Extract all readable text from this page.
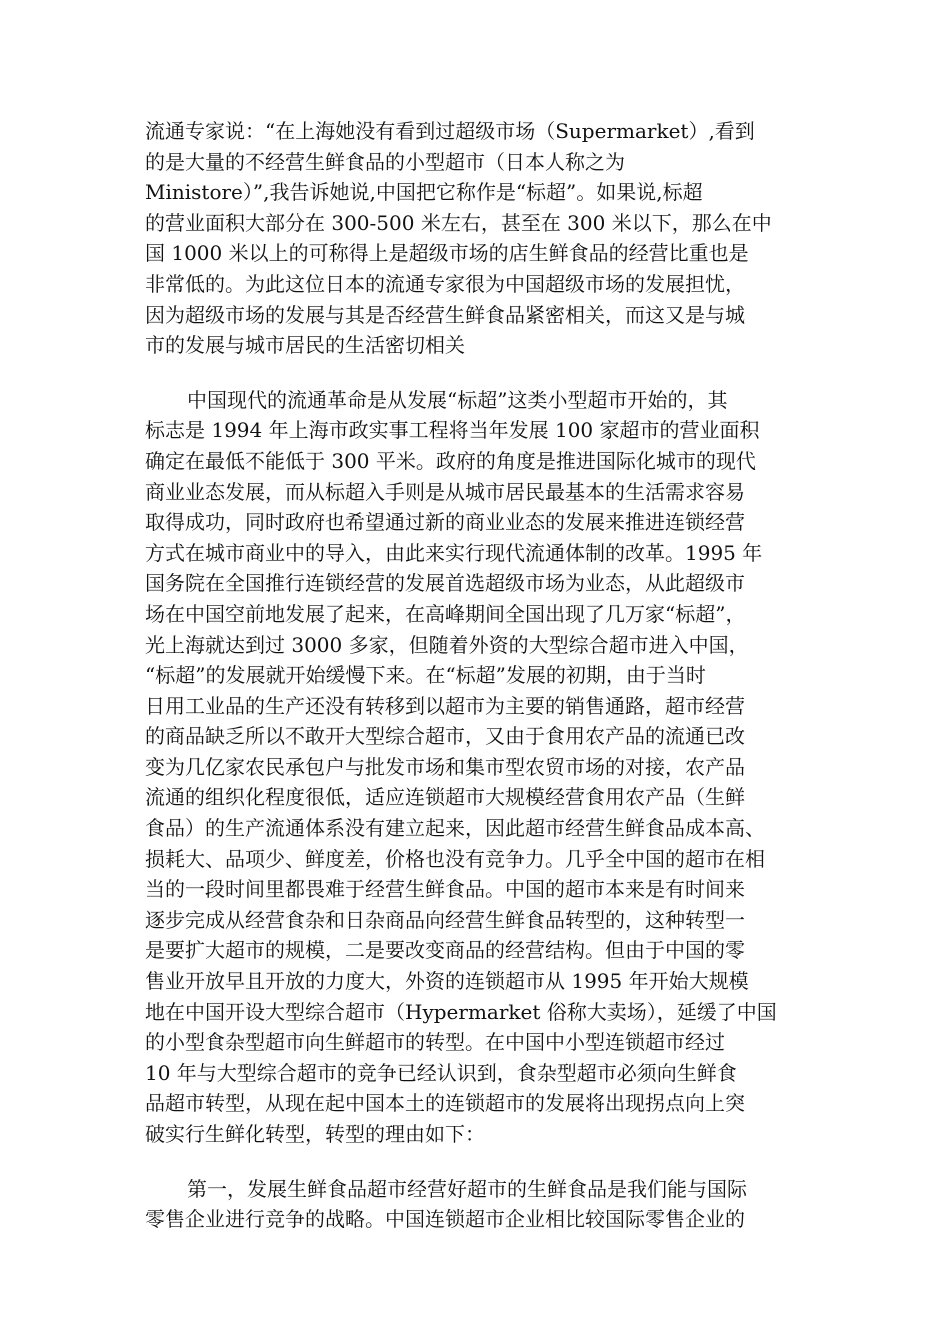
流通专家说：“在上海她没有看到过超级市场（Supermarket）,看到
的是大量的不经营生鲜食品的小型超市（日本人称之为
Ministore）”,我告诉她说,中国把它称作是“标超”。如果说,标超
的营业面积大部分在 300-500 米左右，甚至在 300 米以下，那么在中
国 1000 米以上的可称得上是超级市场的店生鲜食品的经营比重也是
非常低的。为此这位日本的流通专家很为中国超级市场的发展担忧，
因为超级市场的发展与其是否经营生鲜食品紧密相关，而这又是与城
市的发展与城市居民的生活密切相关
中国现代的流通革命是从发展“标超”这类小型超市开始的，其
标志是 1994 年上海市政实事工程将当年发展 100 家超市的营业面积
确定在最低不能低于 300 平米。政府的角度是推进国际化城市的现代
商业业态发展，而从标超入手则是从城市居民最基本的生活需求容易
取得成功，同时政府也希望通过新的商业业态的发展来推进连锁经营
方式在城市商业中的导入，由此来实行现代流通体制的改革。1995 年
国务院在全国推行连锁经营的发展首选超级市场为业态，从此超级市
场在中国空前地发展了起来，在高峰期间全国出现了几万家“标超”，
光上海就达到过 3000 多家，但随着外资的大型综合超市进入中国，
“标超”的发展就开始缓慢下来。在“标超”发展的初期，由于当时
日用工业品的生产还没有转移到以超市为主要的销售通路，超市经营
的商品缺乏所以不敢开大型综合超市，又由于食用农产品的流通已改
变为几亿家农民承包户与批发市场和集市型农贸市场的对接，农产品
流通的组织化程度很低，适应连锁超市大规模经营食用农产品（生鲜
食品）的生产流通体系没有建立起来，因此超市经营生鲜食品成本高、
损耗大、品项少、鲜度差，价格也没有竞争力。几乎全中国的超市在相
当的一段时间里都畏难于经营生鲜食品。中国的超市本来是有时间来
逐步完成从经营食杂和日杂商品向经营生鲜食品转型的，这种转型一
是要扩大超市的规模，二是要改变商品的经营结构。但由于中国的零
售业开放早且开放的力度大，外资的连锁超市从 1995 年开始大规模
地在中国开设大型综合超市（Hypermarket 俗称大卖场），延缓了中国
的小型食杂型超市向生鲜超市的转型。在中国中小型连锁超市经过
10 年与大型综合超市的竞争已经认识到，食杂型超市必须向生鲜食
品超市转型，从现在起中国本土的连锁超市的发展将出现拐点向上突
破实行生鲜化转型，转型的理由如下：
第一，发展生鲜食品超市经营好超市的生鲜食品是我们能与国际
零售企业进行竞争的战略。中国连锁超市企业相比较国际零售企业的
